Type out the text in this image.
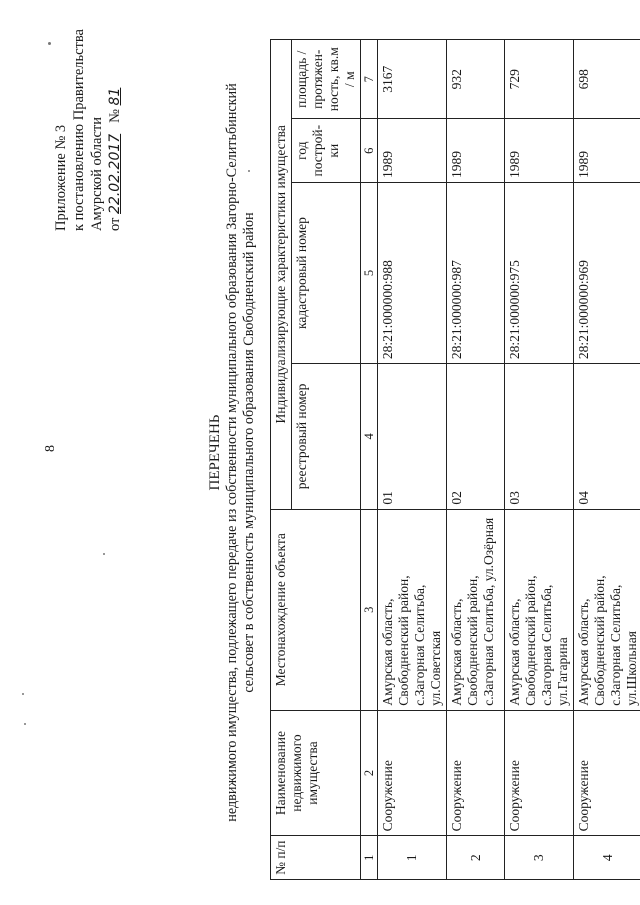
8
Приложение № 3 к постановлению Правительства Амурской области от 22.02.2017   № 81
ПЕРЕЧЕНЬ недвижимого имущества, подлежащего передаче из собственности муниципального образования Загорно-Селитьбинский сельсовет в собственность муниципального образования Свободненский район
№ п/п	Наименование недвижимого имущества	Местонахождение объекта	Индивидуализирующие характеристики имущества			
			реестровый номер	кадастровый номер	год построй-ки	площадь / протяжен-ность, кв.м / м
1	2	3	4	5	6	7
1	Сооружение	Амурская область, Свободненский район, с.Загорная Селитьба, ул.Советская	01	28:21:000000:988	1989	3167
2	Сооружение	Амурская область, Свободненский район, с.Загорная Селитьба, ул.Озёрная	02	28:21:000000:987	1989	932
3	Сооружение	Амурская область, Свободненский район, с.Загорная Селитьба, ул.Гагарина	03	28:21:000000:975	1989	729
4	Сооружение	Амурская область, Свободненский район, с.Загорная Селитьба, ул.Школьная	04	28:21:000000:969	1989	698
